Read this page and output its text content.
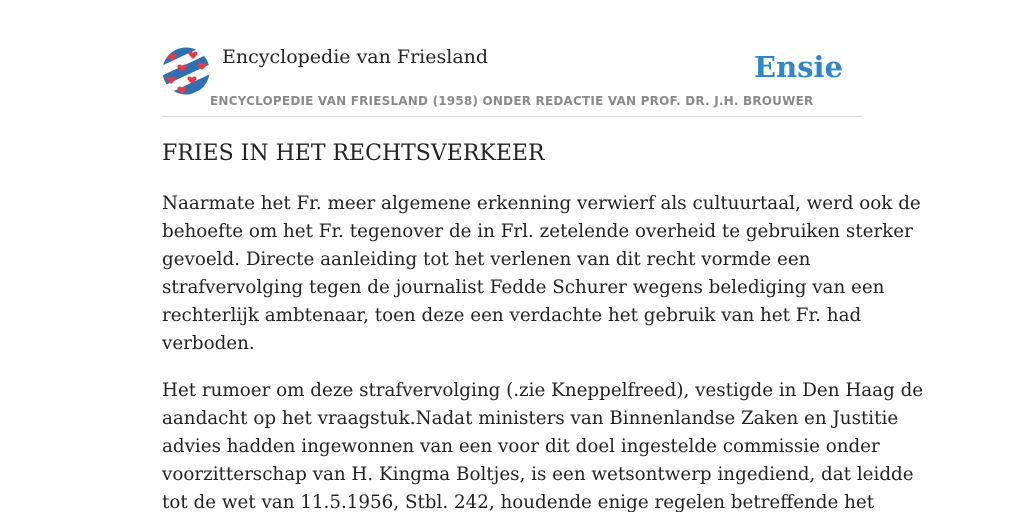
Encyclopedie van Friesland	Ensie
ENCYCLOPEDIE VAN FRIESLAND (1958) ONDER REDACTIE VAN PROF. DR. J.H. BROUWER
FRIES IN HET RECHTSVERKEER

Naarmate het Fr. meer algemene erkenning verwierf als cultuurtaal, werd ook de
behoefte om het Fr. tegenover de in Frl. zetelende overheid te gebruiken sterker
gevoeld. Directe aanleiding tot het verlenen van dit recht vormde een
strafvervolging tegen de journalist Fedde Schurer wegens belediging van een
rechterlijk ambtenaar, toen deze een verdachte het gebruik van het Fr. had
verboden.

Het rumoer om deze strafvervolging (.zie Kneppelfreed), vestigde in Den Haag de
aandacht op het vraagstuk.Nadat ministers van Binnenlandse Zaken en Justitie
advies hadden ingewonnen van een voor dit doel ingestelde commissie onder
voorzitterschap van H. Kingma Boltjes, is een wetsontwerp ingediend, dat leidde
tot de wet van 11.5.1956, Stbl. 242, houdende enige regelen betreffende het
